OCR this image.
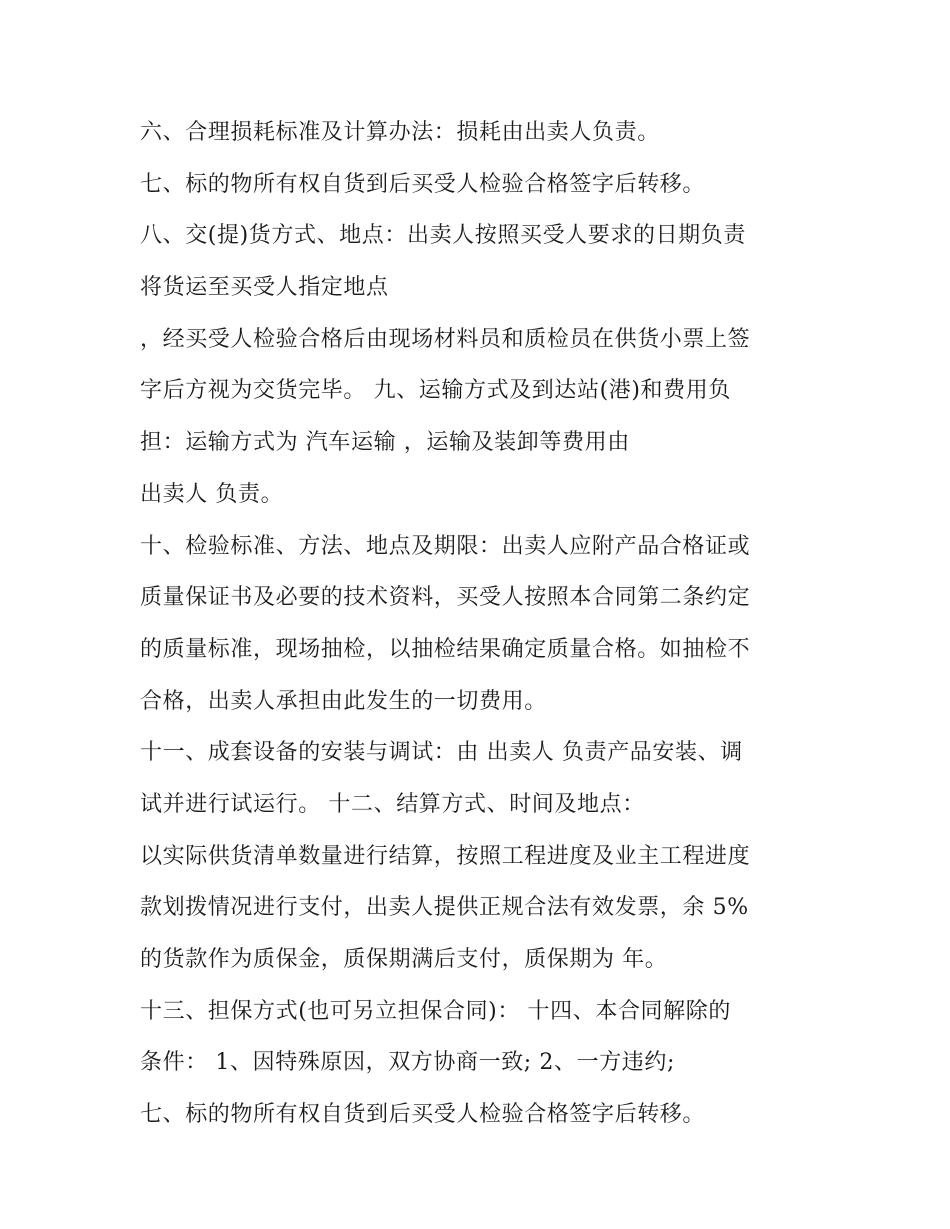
六、合理损耗标准及计算办法：损耗由出卖人负责。
七、标的物所有权自货到后买受人检验合格签字后转移。
八、交(提)货方式、地点：出卖人按照买受人要求的日期负责
将货运至买受人指定地点
，经买受人检验合格后由现场材料员和质检员在供货小票上签
字后方视为交货完毕。 九、运输方式及到达站(港)和费用负
担：运输方式为 汽车运输 ，运输及装卸等费用由
出卖人 负责。
十、检验标准、方法、地点及期限：出卖人应附产品合格证或
质量保证书及必要的技术资料，买受人按照本合同第二条约定
的质量标准，现场抽检，以抽检结果确定质量合格。如抽检不
合格，出卖人承担由此发生的一切费用。
十一、成套设备的安装与调试：由 出卖人 负责产品安装、调
试并进行试运行。 十二、结算方式、时间及地点：
以实际供货清单数量进行结算，按照工程进度及业主工程进度
款划拨情况进行支付，出卖人提供正规合法有效发票，余 5%
的货款作为质保金，质保期满后支付，质保期为 年。
十三、担保方式(也可另立担保合同)： 十四、本合同解除的
条件： 1、因特殊原因，双方协商一致; 2、一方违约;
七、标的物所有权自货到后买受人检验合格签字后转移。
